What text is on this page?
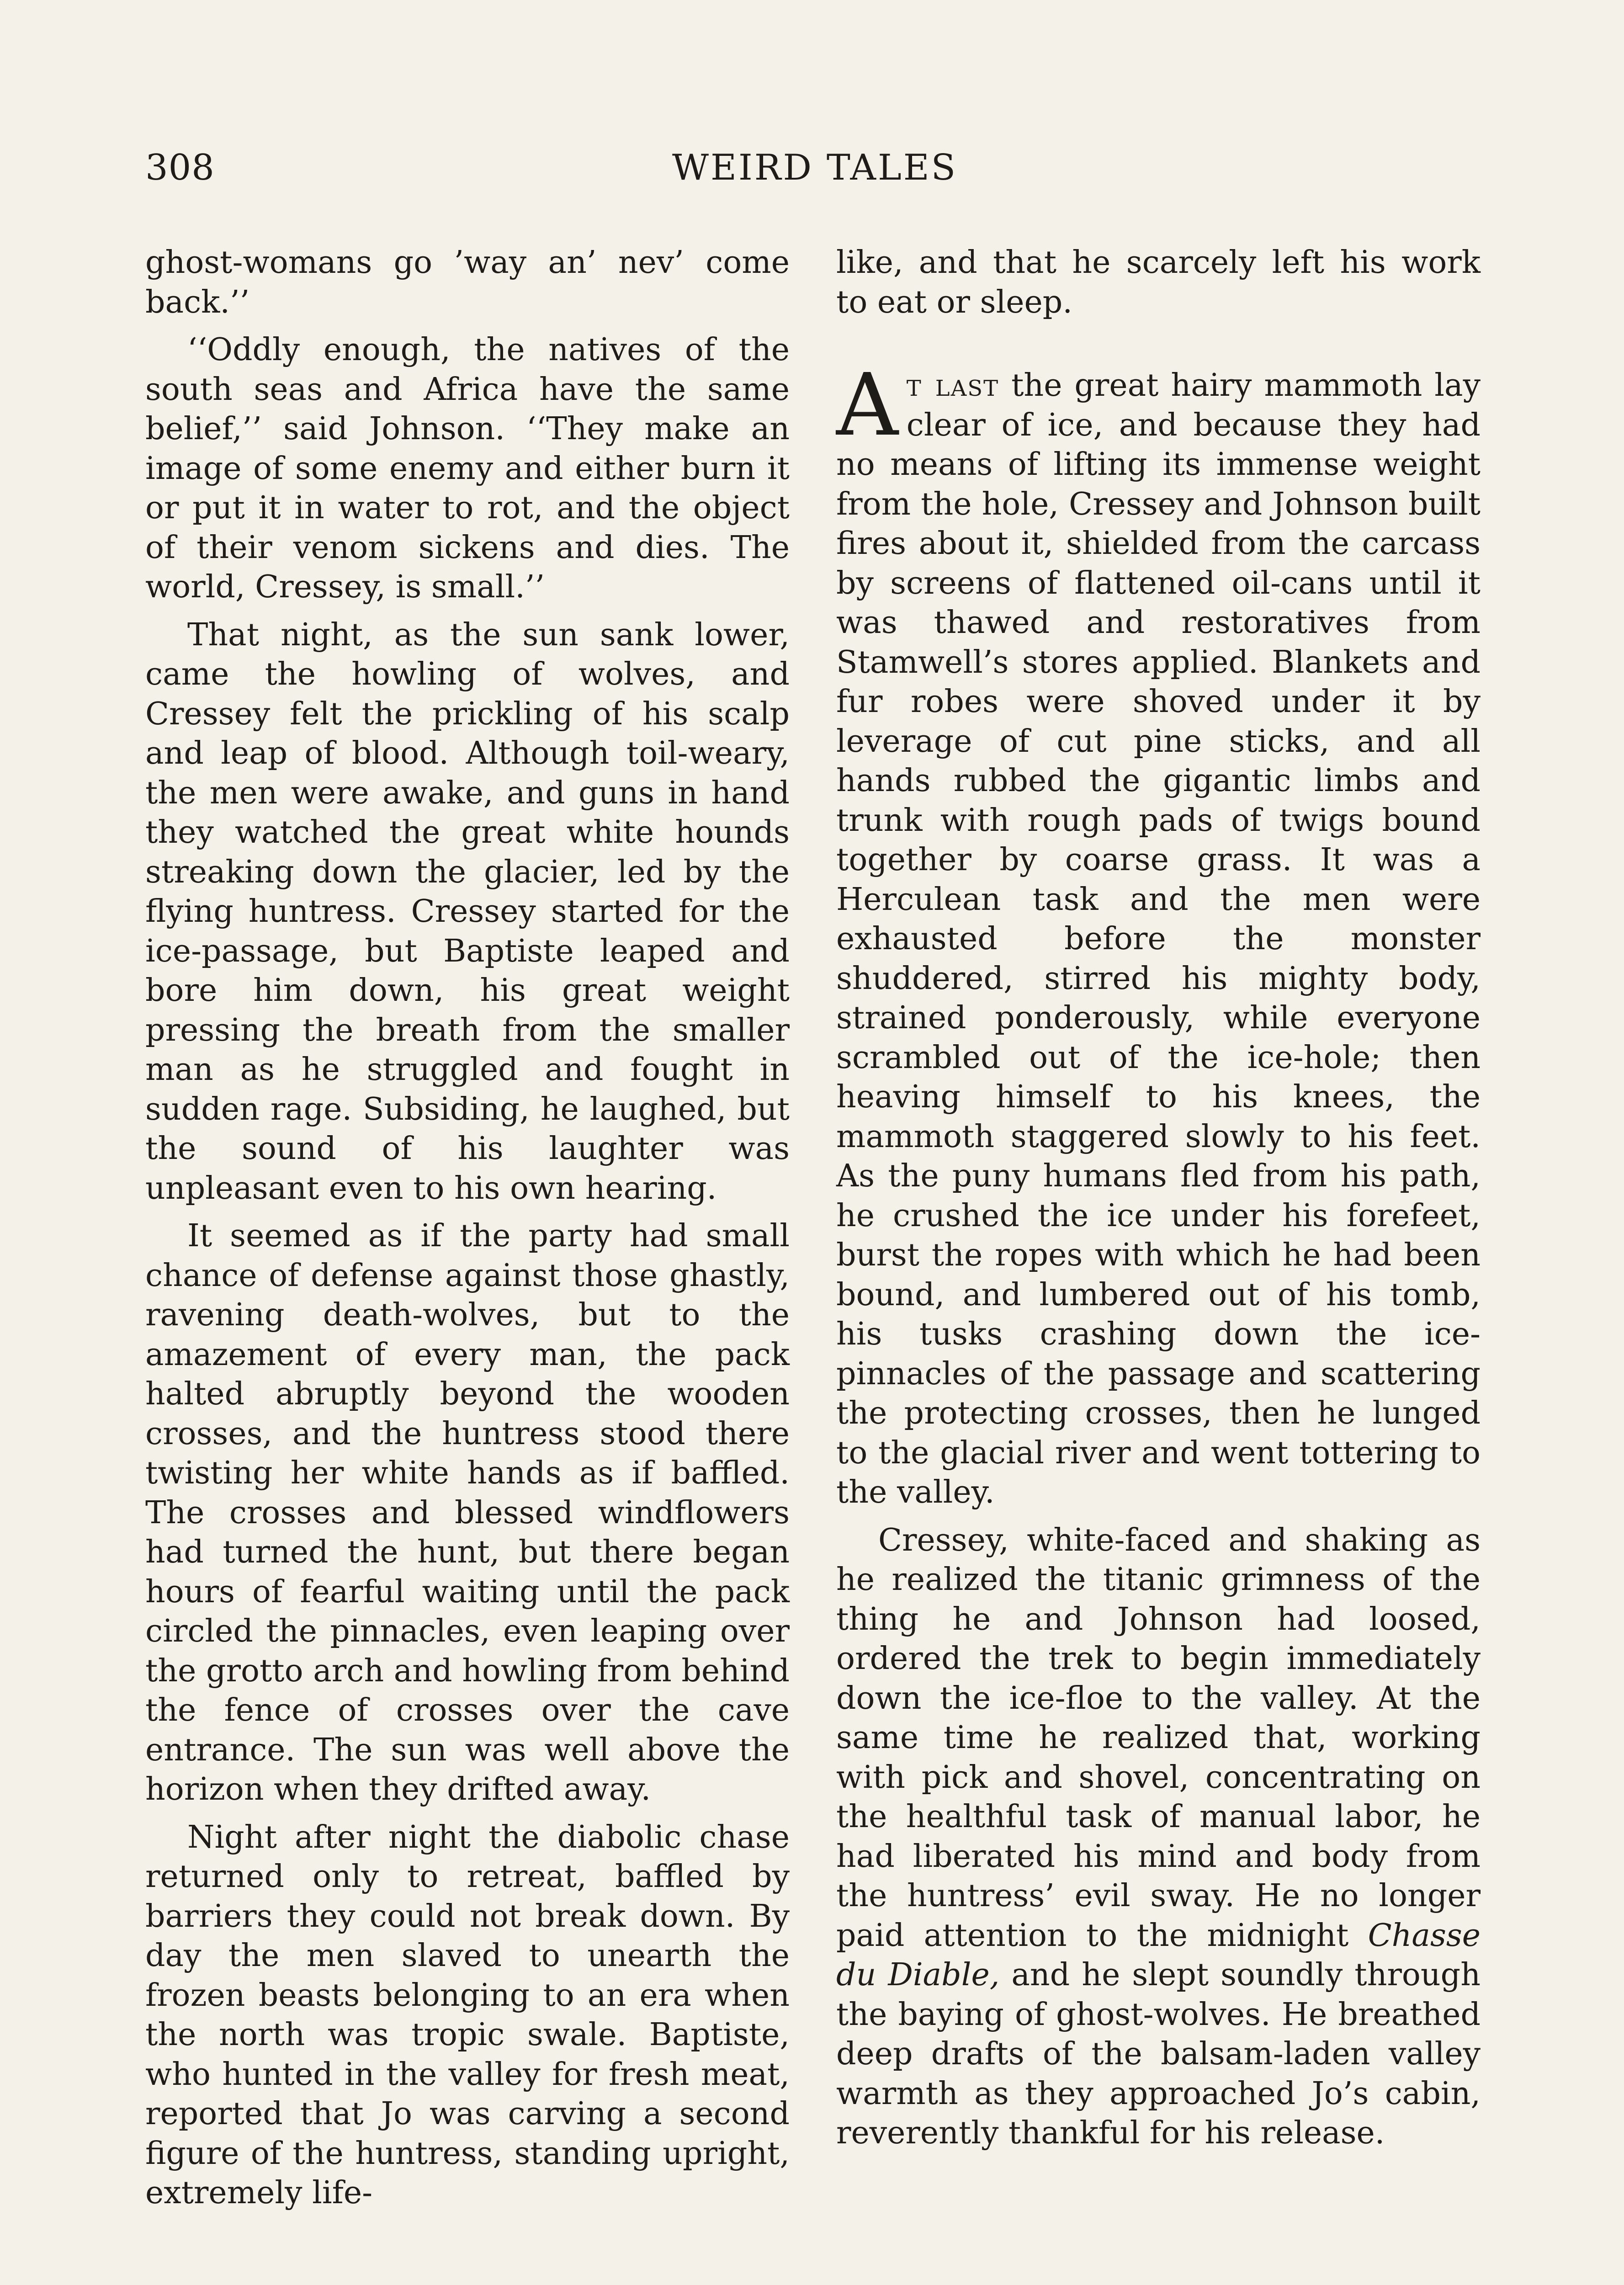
308	WEIRD TALES

ghost-womans go ’way an’ nev’ come back.’’

‘‘Oddly enough, the natives of the south seas and Africa have the same belief,’’ said Johnson. ‘‘They make an image of some enemy and either burn it or put it in water to rot, and the object of their venom sickens and dies. The world, Cressey, is small.’’

That night, as the sun sank lower, came the howling of wolves, and Cressey felt the prickling of his scalp and leap of blood. Although toil-weary, the men were awake, and guns in hand they watched the great white hounds streaking down the glacier, led by the flying huntress. Cressey started for the ice-passage, but Baptiste leaped and bore him down, his great weight pressing the breath from the smaller man as he struggled and fought in sudden rage. Subsiding, he laughed, but the sound of his laughter was unpleasant even to his own hearing.

It seemed as if the party had small chance of defense against those ghastly, ravening death-wolves, but to the amazement of every man, the pack halted abruptly beyond the wooden crosses, and the huntress stood there twisting her white hands as if baffled. The crosses and blessed windflowers had turned the hunt, but there began hours of fearful waiting until the pack circled the pinnacles, even leaping over the grotto arch and howling from behind the fence of crosses over the cave entrance. The sun was well above the horizon when they drifted away.

Night after night the diabolic chase returned only to retreat, baffled by barriers they could not break down. By day the men slaved to unearth the frozen beasts belonging to an era when the north was tropic swale. Baptiste, who hunted in the valley for fresh meat, reported that Jo was carving a second figure of the huntress, standing upright, extremely life-

like, and that he scarcely left his work to eat or sleep.

At last the great hairy mammoth lay clear of ice, and because they had no means of lifting its immense weight from the hole, Cressey and Johnson built fires about it, shielded from the carcass by screens of flattened oil-cans until it was thawed and restoratives from Stamwell’s stores applied. Blankets and fur robes were shoved under it by leverage of cut pine sticks, and all hands rubbed the gigantic limbs and trunk with rough pads of twigs bound together by coarse grass. It was a Herculean task and the men were exhausted before the monster shuddered, stirred his mighty body, strained ponderously, while everyone scrambled out of the ice-hole; then heaving himself to his knees, the mammoth staggered slowly to his feet. As the puny humans fled from his path, he crushed the ice under his forefeet, burst the ropes with which he had been bound, and lumbered out of his tomb, his tusks crashing down the ice-pinnacles of the passage and scattering the protecting crosses, then he lunged to the glacial river and went tottering to the valley.

Cressey, white-faced and shaking as he realized the titanic grimness of the thing he and Johnson had loosed, ordered the trek to begin immediately down the ice-floe to the valley. At the same time he realized that, working with pick and shovel, concentrating on the healthful task of manual labor, he had liberated his mind and body from the huntress’ evil sway. He no longer paid attention to the midnight Chasse du Diable, and he slept soundly through the baying of ghost-wolves. He breathed deep drafts of the balsam-laden valley warmth as they approached Jo’s cabin, reverently thankful for his release.
